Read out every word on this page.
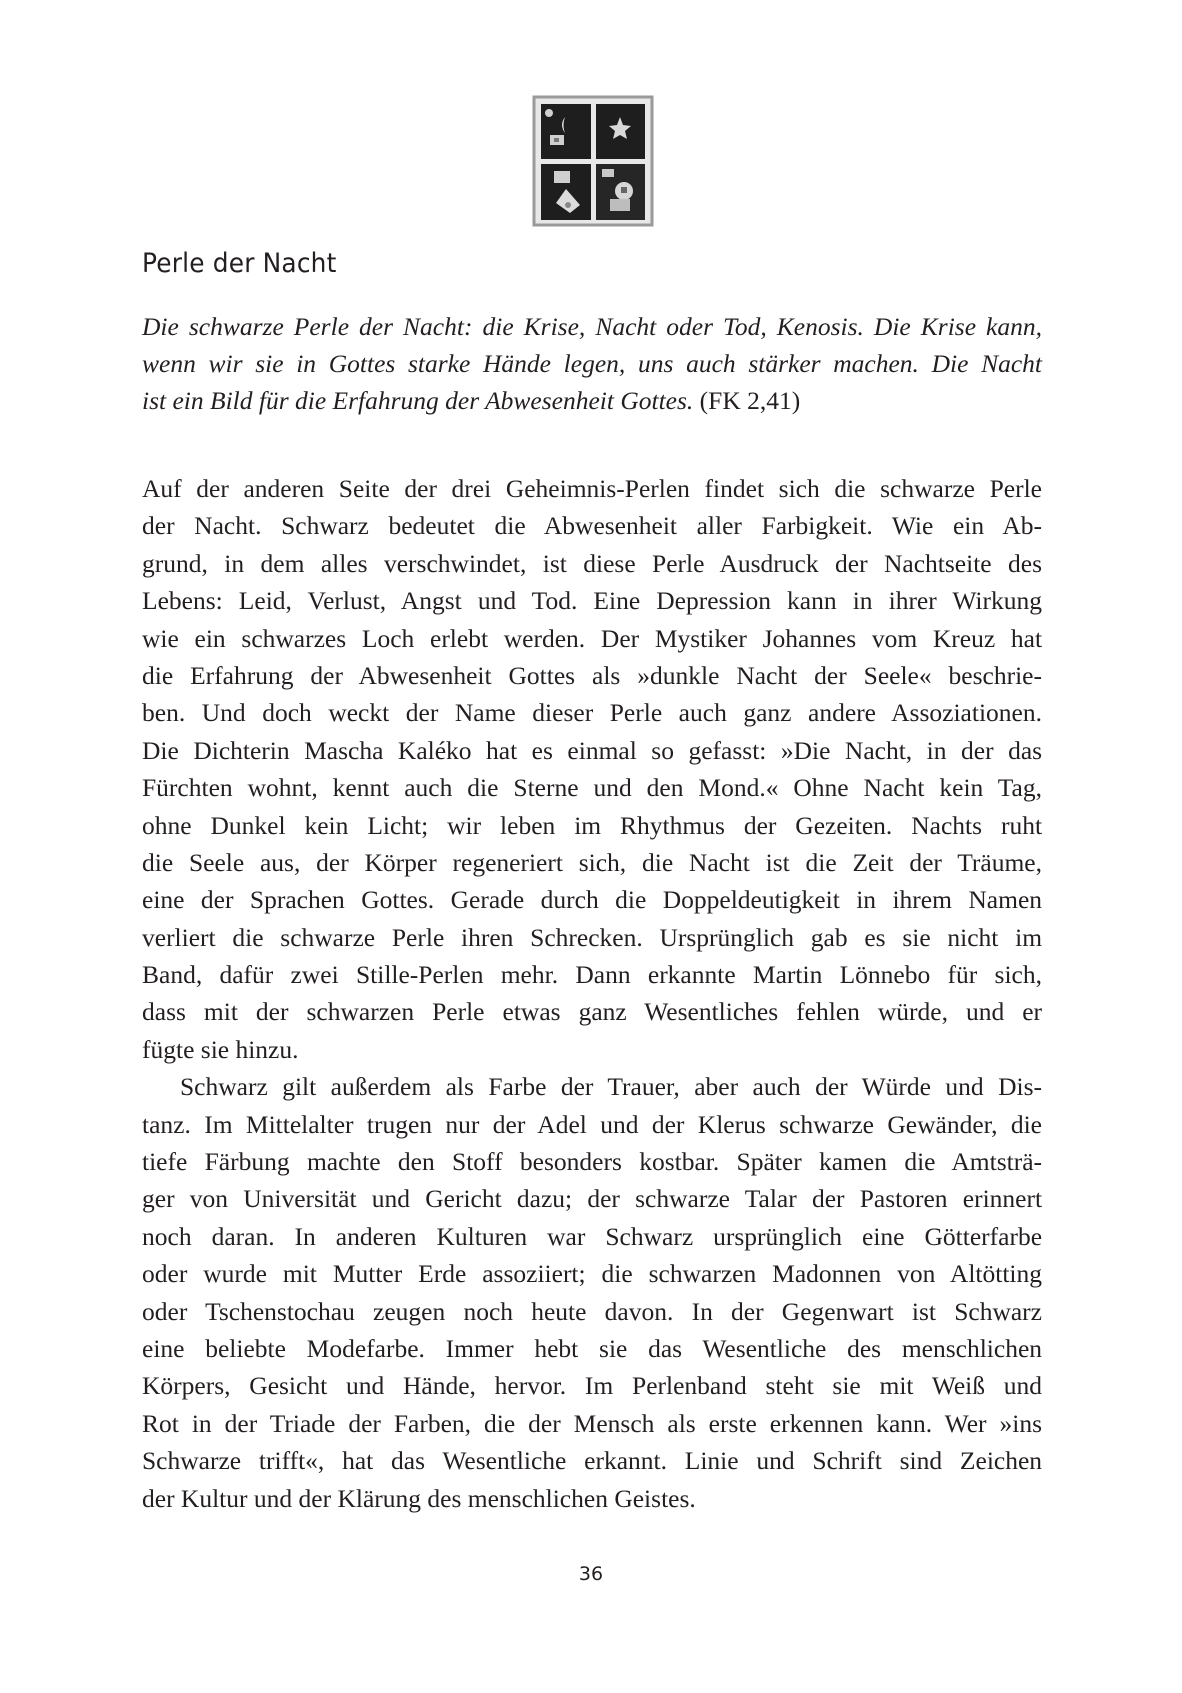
Perle der Nacht
Die schwarze Perle der Nacht: die Krise, Nacht oder Tod, Kenosis. Die Krise kann,
wenn wir sie in Gottes starke Hände legen, uns auch stärker machen. Die Nacht
ist ein Bild für die Erfahrung der Abwesenheit Gottes. (FK 2,41)
Auf der anderen Seite der drei Geheimnis-Perlen findet sich die schwarze Perle
der Nacht. Schwarz bedeutet die Abwesenheit aller Farbigkeit. Wie ein Ab-
grund, in dem alles verschwindet, ist diese Perle Ausdruck der Nachtseite des
Lebens: Leid, Verlust, Angst und Tod. Eine Depression kann in ihrer Wirkung
wie ein schwarzes Loch erlebt werden. Der Mystiker Johannes vom Kreuz hat
die Erfahrung der Abwesenheit Gottes als »dunkle Nacht der Seele« beschrie-
ben. Und doch weckt der Name dieser Perle auch ganz andere Assoziationen.
Die Dichterin Mascha Kaléko hat es einmal so gefasst: »Die Nacht, in der das
Fürchten wohnt, kennt auch die Sterne und den Mond.« Ohne Nacht kein Tag,
ohne Dunkel kein Licht; wir leben im Rhythmus der Gezeiten. Nachts ruht
die Seele aus, der Körper regeneriert sich, die Nacht ist die Zeit der Träume,
eine der Sprachen Gottes. Gerade durch die Doppeldeutigkeit in ihrem Namen
verliert die schwarze Perle ihren Schrecken. Ursprünglich gab es sie nicht im
Band, dafür zwei Stille-Perlen mehr. Dann erkannte Martin Lönnebo für sich,
dass mit der schwarzen Perle etwas ganz Wesentliches fehlen würde, und er
fügte sie hinzu.
Schwarz gilt außerdem als Farbe der Trauer, aber auch der Würde und Dis-
tanz. Im Mittelalter trugen nur der Adel und der Klerus schwarze Gewänder, die
tiefe Färbung machte den Stoff besonders kostbar. Später kamen die Amtsträ-
ger von Universität und Gericht dazu; der schwarze Talar der Pastoren erinnert
noch daran. In anderen Kulturen war Schwarz ursprünglich eine Götterfarbe
oder wurde mit Mutter Erde assoziiert; die schwarzen Madonnen von Altötting
oder Tschenstochau zeugen noch heute davon. In der Gegenwart ist Schwarz
eine beliebte Modefarbe. Immer hebt sie das Wesentliche des menschlichen
Körpers, Gesicht und Hände, hervor. Im Perlenband steht sie mit Weiß und
Rot in der Triade der Farben, die der Mensch als erste erkennen kann. Wer »ins
Schwarze trifft«, hat das Wesentliche erkannt. Linie und Schrift sind Zeichen
der Kultur und der Klärung des menschlichen Geistes.
36
